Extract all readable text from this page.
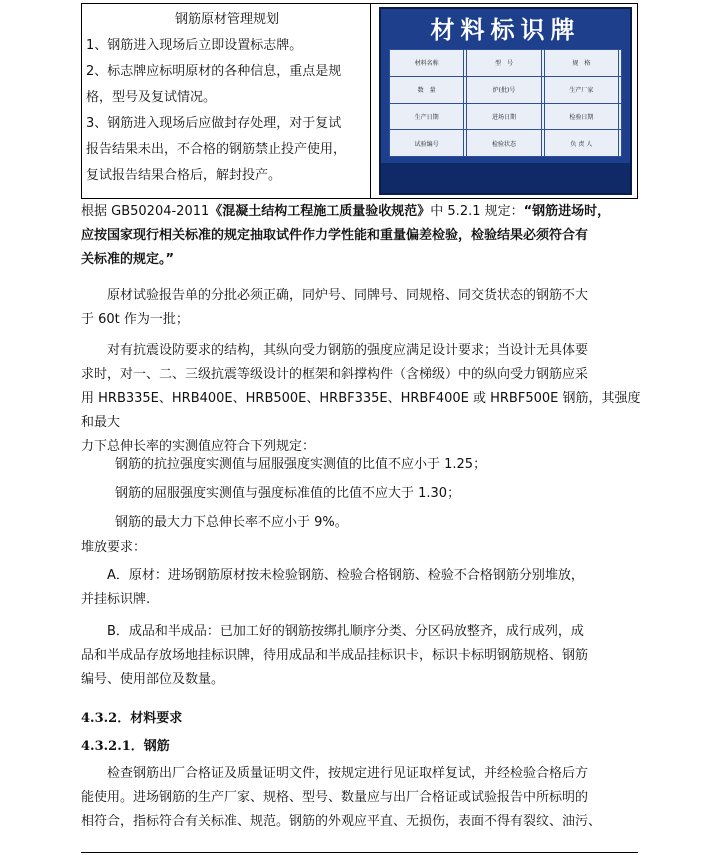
钢筋原材管理规划
1、钢筋进入现场后立即设置标志牌。
2、标志牌应标明原材的各种信息，重点是规
格，型号及复试情况。
3、钢筋进入现场后应做封存处理，对于复试
报告结果未出，不合格的钢筋禁止投产使用，
复试报告结果合格后，解封投产。
材料标识牌
材料名称		型　号		规　格	
数　量		炉(批)号		生产厂家	
生产日期		进场日期		检验日期	
试验编号		检验状态		负 责 人	
根据 GB50204-2011《混凝土结构工程施工质量验收规范》中 5.2.1 规定：“钢筋进场时，
应按国家现行相关标准的规定抽取试件作力学性能和重量偏差检验，检验结果必须符合有
关标准的规定。”
原材试验报告单的分批必须正确，同炉号、同牌号、同规格、同交货状态的钢筋不大
于 60t 作为一批；
对有抗震设防要求的结构，其纵向受力钢筋的强度应满足设计要求；当设计无具体要
求时，对一、二、三级抗震等级设计的框架和斜撑构件（含梯级）中的纵向受力钢筋应采
用 HRB335E、HRB400E、HRB500E、HRBF335E、HRBF400E 或 HRBF500E 钢筋，其强度和最大
力下总伸长率的实测值应符合下列规定：
钢筋的抗拉强度实测值与屈服强度实测值的比值不应小于 1.25；
钢筋的屈服强度实测值与强度标准值的比值不应大于 1.30；
钢筋的最大力下总伸长率不应小于 9%。
堆放要求：
A．原材：进场钢筋原材按未检验钢筋、检验合格钢筋、检验不合格钢筋分别堆放，
并挂标识牌.
B．成品和半成品：已加工好的钢筋按绑扎顺序分类、分区码放整齐，成行成列，成
品和半成品存放场地挂标识牌，待用成品和半成品挂标识卡，标识卡标明钢筋规格、钢筋
编号、使用部位及数量。
4.3.2．材料要求
4.3.2.1．钢筋
检查钢筋出厂合格证及质量证明文件，按规定进行见证取样复试，并经检验合格后方
能使用。进场钢筋的生产厂家、规格、型号、数量应与出厂合格证或试验报告中所标明的
相符合，指标符合有关标准、规范。钢筋的外观应平直、无损伤，表面不得有裂纹、油污、
